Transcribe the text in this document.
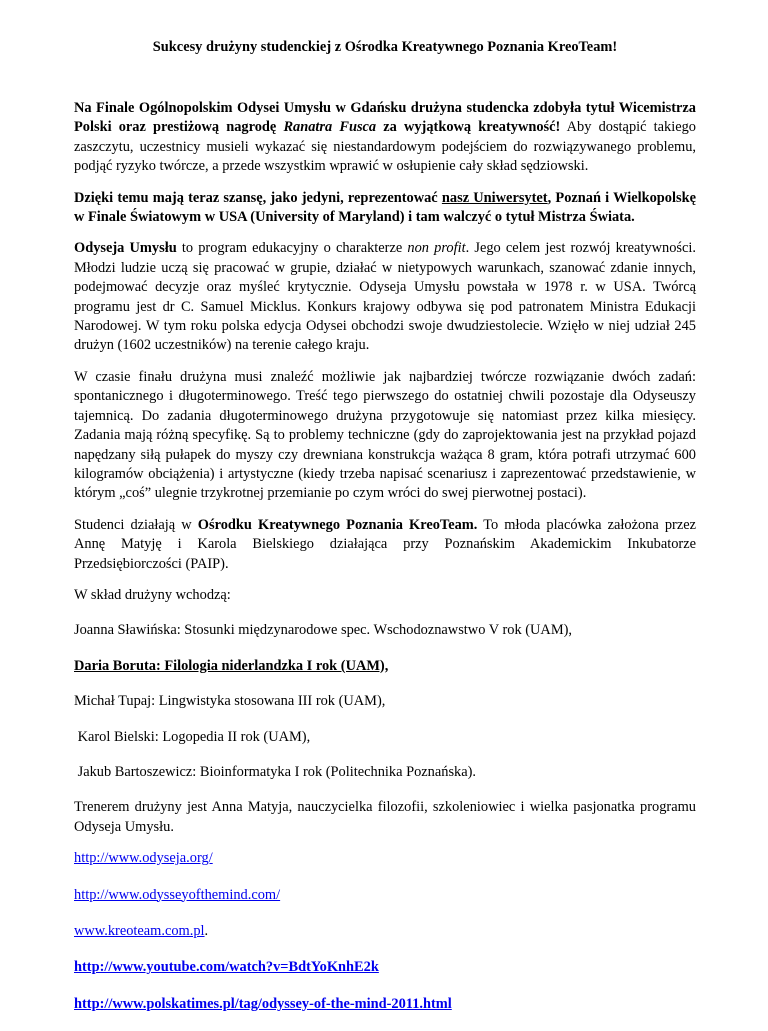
Sukcesy drużyny studenckiej z Ośrodka Kreatywnego Poznania KreoTeam!

Na Finale Ogólnopolskim Odysei Umysłu w Gdańsku drużyna studencka zdobyła tytuł Wicemistrza Polski oraz prestiżową nagrodę Ranatra Fusca za wyjątkową kreatywność! Aby dostąpić takiego zaszczytu, uczestnicy musieli wykazać się niestandardowym podejściem do rozwiązywanego problemu, podjąć ryzyko twórcze, a przede wszystkim wprawić w osłupienie cały skład sędziowski.

Dzięki temu mają teraz szansę, jako jedyni, reprezentować nasz Uniwersytet, Poznań i Wielkopolskę w Finale Światowym w USA (University of Maryland) i tam walczyć o tytuł Mistrza Świata.

Odyseja Umysłu to program edukacyjny o charakterze non profit. Jego celem jest rozwój kreatywności. Młodzi ludzie uczą się pracować w grupie, działać w nietypowych warunkach, szanować zdanie innych, podejmować decyzje oraz myśleć krytycznie. Odyseja Umysłu powstała w 1978 r. w USA. Twórcą programu jest dr C. Samuel Micklus. Konkurs krajowy odbywa się pod patronatem Ministra Edukacji Narodowej. W tym roku polska edycja Odysei obchodzi swoje dwudziestolecie. Wzięło w niej udział 245 drużyn (1602 uczestników) na terenie całego kraju.

W czasie finału drużyna musi znaleźć możliwie jak najbardziej twórcze rozwiązanie dwóch zadań: spontanicznego i długoterminowego. Treść tego pierwszego do ostatniej chwili pozostaje dla Odyseuszy tajemnicą. Do zadania długoterminowego drużyna przygotowuje się natomiast przez kilka miesięcy. Zadania mają różną specyfikę. Są to problemy techniczne (gdy do zaprojektowania jest na przykład pojazd napędzany siłą pułapek do myszy czy drewniana konstrukcja ważąca 8 gram, która potrafi utrzymać 600 kilogramów obciążenia) i artystyczne (kiedy trzeba napisać scenariusz i zaprezentować przedstawienie, w którym „coś” ulegnie trzykrotnej przemianie po czym wróci do swej pierwotnej postaci).

Studenci działają w Ośrodku Kreatywnego Poznania KreoTeam. To młoda placówka założona przez Annę Matyję i Karola Bielskiego działająca przy Poznańskim Akademickim Inkubatorze Przedsiębiorczości (PAIP).

W skład drużyny wchodzą:

Joanna Sławińska: Stosunki międzynarodowe spec. Wschodoznawstwo V rok (UAM),

Daria Boruta: Filologia niderlandzka I rok (UAM),

Michał Tupaj: Lingwistyka stosowana III rok (UAM),

Karol Bielski: Logopedia II rok (UAM),

Jakub Bartoszewicz: Bioinformatyka I rok (Politechnika Poznańska).

Trenerem drużyny jest Anna Matyja, nauczycielka filozofii, szkoleniowiec i wielka pasjonatka programu Odyseja Umysłu.

http://www.odyseja.org/

http://www.odysseyofthemind.com/

www.kreoteam.com.pl.

http://www.youtube.com/watch?v=BdtYoKnhE2k

http://www.polskatimes.pl/tag/odyssey-of-the-mind-2011.html
